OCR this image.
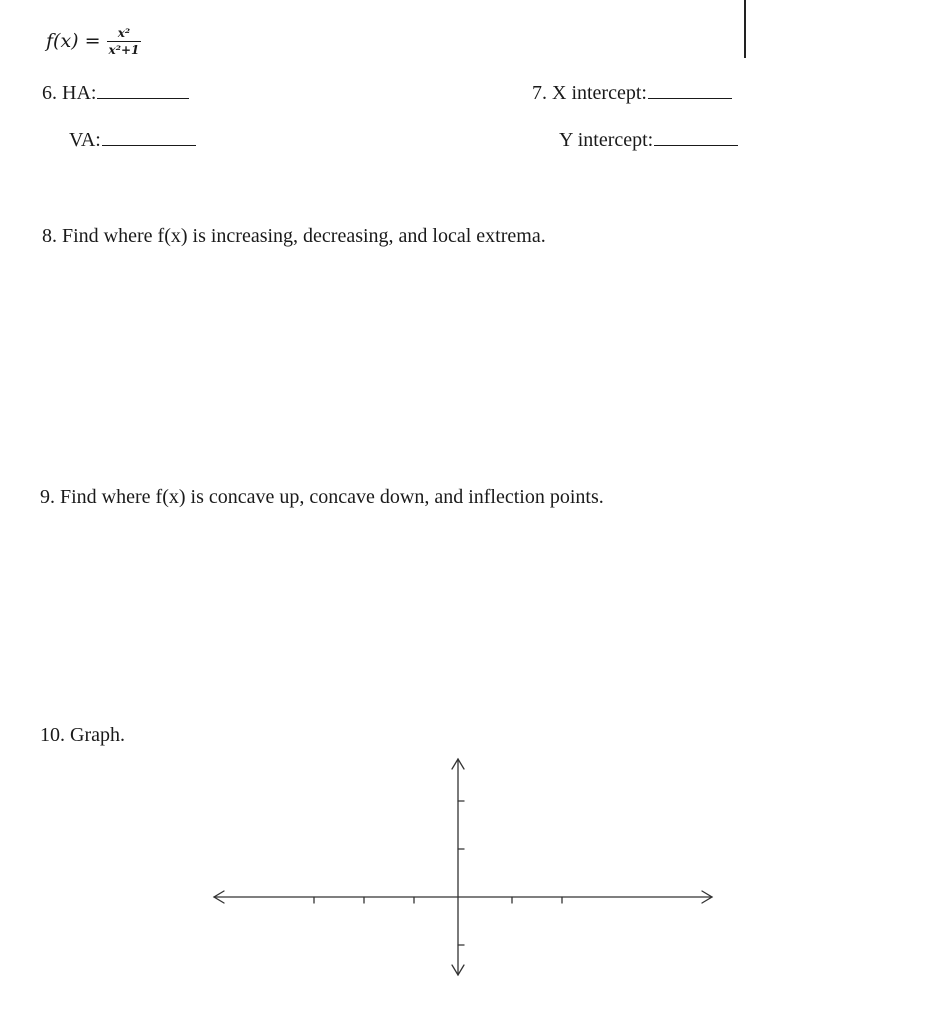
$f(x) = \frac{\text{x²}}{\text{x²+1}}$
6. HA:
VA:
7. X intercept:
Y intercept:
8. Find where f(x) is increasing, decreasing, and local extrema.
9. Find where f(x) is concave up, concave down, and inflection points.
10. Graph.
